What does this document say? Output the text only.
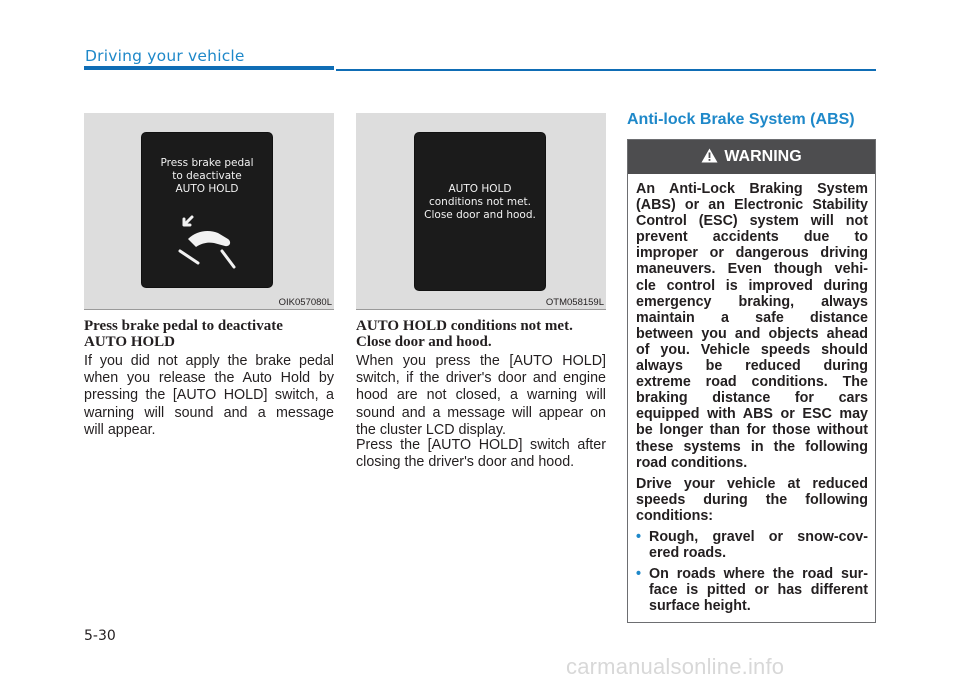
Driving your vehicle
Press brake pedal
to deactivate
AUTO HOLD
OIK057080L
AUTO HOLD
conditions not met.
Close door and hood.
OTM058159L
Press brake pedal to deactivate
AUTO HOLD
If you did not apply the brake pedal
when you release the Auto Hold by
pressing the [AUTO HOLD] switch, a
warning will sound and a message
will appear.
AUTO HOLD conditions not met.
Close door and hood.
When you press the [AUTO HOLD]
switch, if the driver's door and engine
hood are not closed, a warning will
sound and a message will appear on
the cluster LCD display.
Press the [AUTO HOLD] switch after
closing the driver's door and hood.
Anti-lock Brake System (ABS)
WARNING
An Anti-Lock Braking System
(ABS) or an Electronic Stability
Control (ESC) system will not
prevent accidents due to
improper or dangerous driving
maneuvers. Even though vehi-
cle control is improved during
emergency braking, always
maintain a safe distance
between you and objects ahead
of you. Vehicle speeds should
always be reduced during
extreme road conditions. The
braking distance for cars
equipped with ABS or ESC may
be longer than for those without
these systems in the following
road conditions.
Drive your vehicle at reduced
speeds during the following
conditions:
• Rough, gravel or snow-cov-
ered roads.
• On roads where the road sur-
face is pitted or has different
surface height.
5-30
carmanualsonline.info
